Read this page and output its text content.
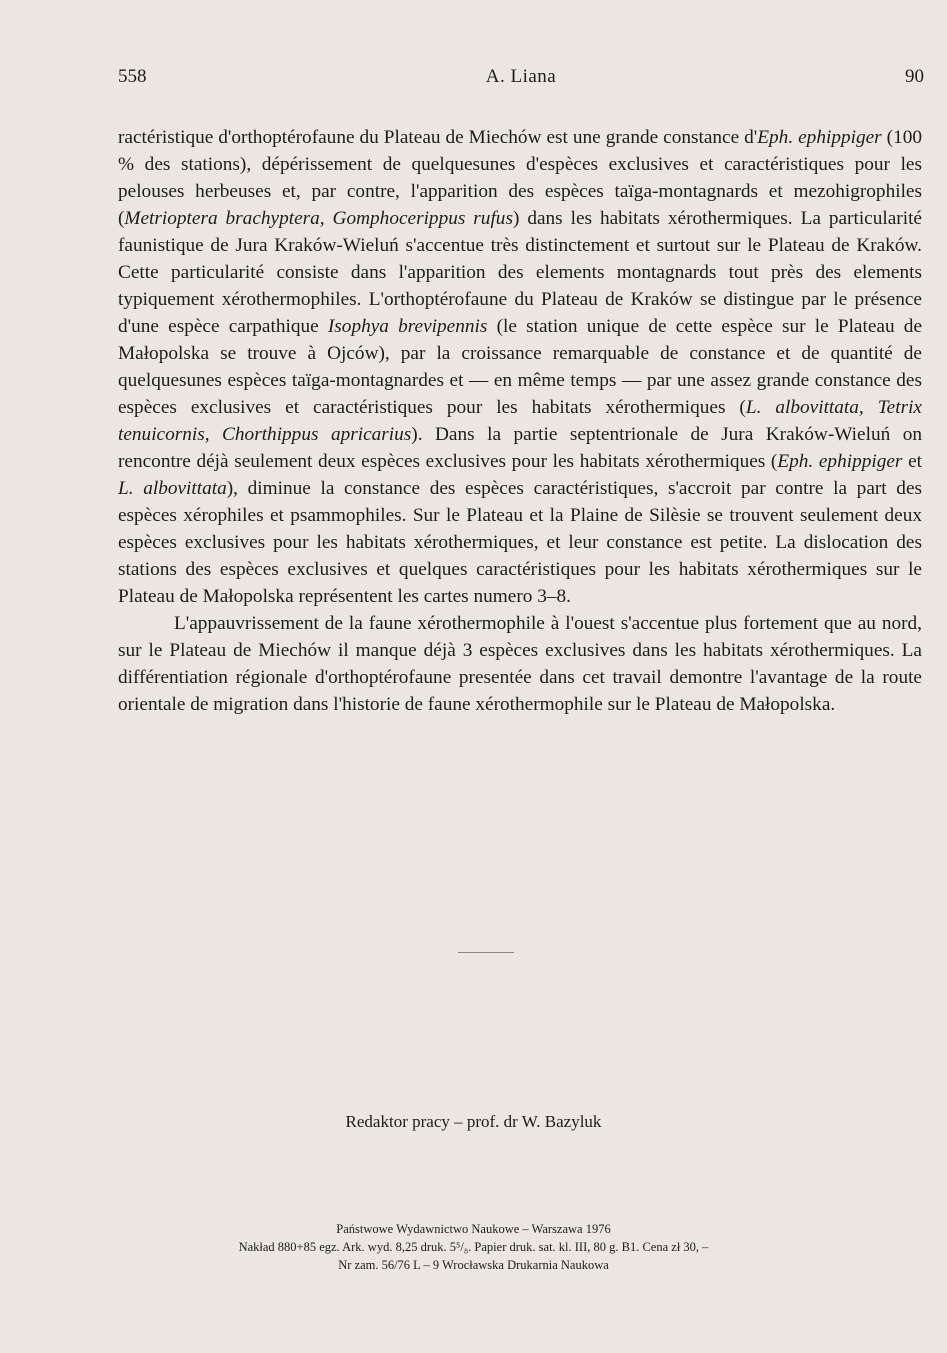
558	A. Liana	90

ractéristique d'orthoptérofaune du Plateau de Miechów est une grande constance d'Eph. ephippiger (100 % des stations), dépérissement de quelquesunes d'espèces exclusives et caractéristiques pour les pelouses herbeuses et, par contre, l'apparition des espèces taïga-montagnards et mezohigrophiles (Metrioptera brachyptera, Gomphocerippus rufus) dans les habitats xérothermiques. La particularité faunistique de Jura Kraków-Wieluń s'accentue très distinctement et surtout sur le Plateau de Kraków. Cette particularité consiste dans l'apparition des elements montagnards tout près des elements typiquement xérothermophiles. L'orthoptérofaune du Plateau de Kraków se distingue par le présence d'une espèce carpathique Isophya brevipennis (le station unique de cette espèce sur le Plateau de Małopolska se trouve à Ojców), par la croissance remarquable de constance et de quantité de quelquesunes espèces taïga-montagnardes et — en même temps — par une assez grande constance des espèces exclusives et caractéristiques pour les habitats xérothermiques (L. albovittata, Tetrix tenuicornis, Chorthippus apricarius). Dans la partie septentrionale de Jura Kraków-Wieluń on rencontre déjà seulement deux espèces exclusives pour les habitats xérothermiques (Eph. ephippiger et L. albovittata), diminue la constance des espèces caractéristiques, s'accroit par contre la part des espèces xérophiles et psammophiles. Sur le Plateau et la Plaine de Silèsie se trouvent seulement deux espèces exclusives pour les habitats xérothermiques, et leur constance est petite. La dislocation des stations des espèces exclusives et quelques caractéristiques pour les habitats xérothermiques sur le Plateau de Małopolska représentent les cartes numero 3–8.

L'appauvrissement de la faune xérothermophile à l'ouest s'accentue plus fortement que au nord, sur le Plateau de Miechów il manque déjà 3 espèces exclusives dans les habitats xérothermiques. La différentiation régionale d'orthoptérofaune presentée dans cet travail demontre l'avantage de la route orientale de migration dans l'historie de faune xérothermophile sur le Plateau de Małopolska.

Redaktor pracy – prof. dr W. Bazyluk
Państwowe Wydawnictwo Naukowe – Warszawa 1976
Nakład 880+85 egz. Ark. wyd. 8,25 druk. 5⁵/₈. Papier druk. sat. kl. III, 80 g. B1. Cena zł 30, –
Nr zam. 56/76 L – 9 Wrocławska Drukarnia Naukowa
